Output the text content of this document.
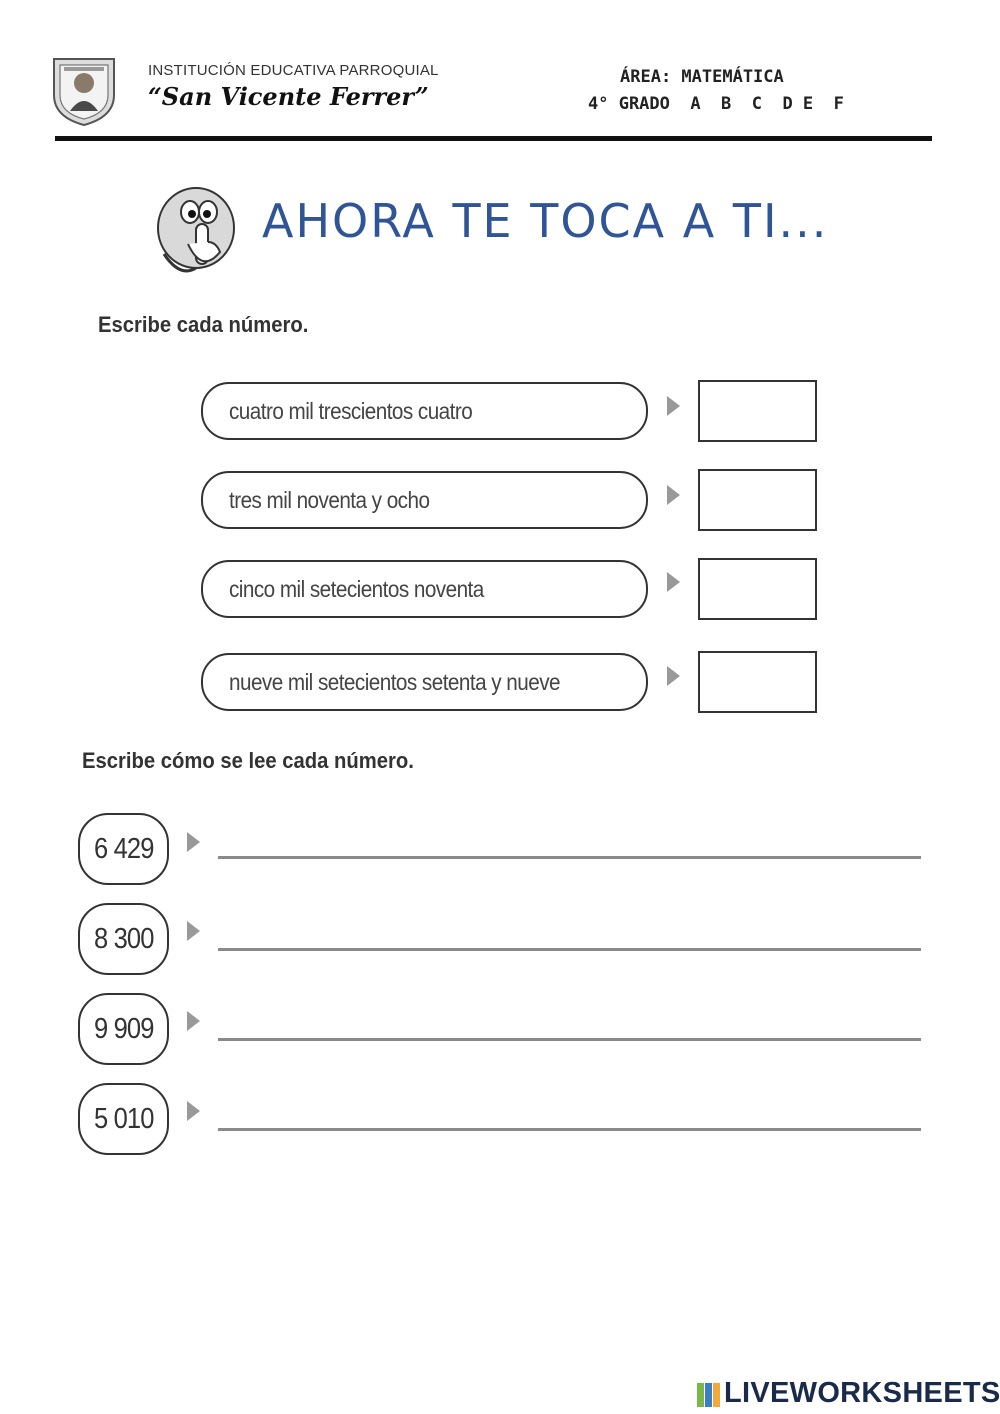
INSTITUCIÓN EDUCATIVA PARROQUIAL
“San Vicente Ferrer”
ÁREA: MATEMÁTICA
4° GRADO  A  B  C  D E  F
AHORA TE TOCA A TI...
Escribe cada número.
cuatro mil trescientos cuatro
tres mil noventa y ocho
cinco mil setecientos noventa
nueve mil setecientos setenta y nueve
Escribe cómo se lee cada número.
6 429
8 300
9 909
5 010
LIVEWORKSHEETS
